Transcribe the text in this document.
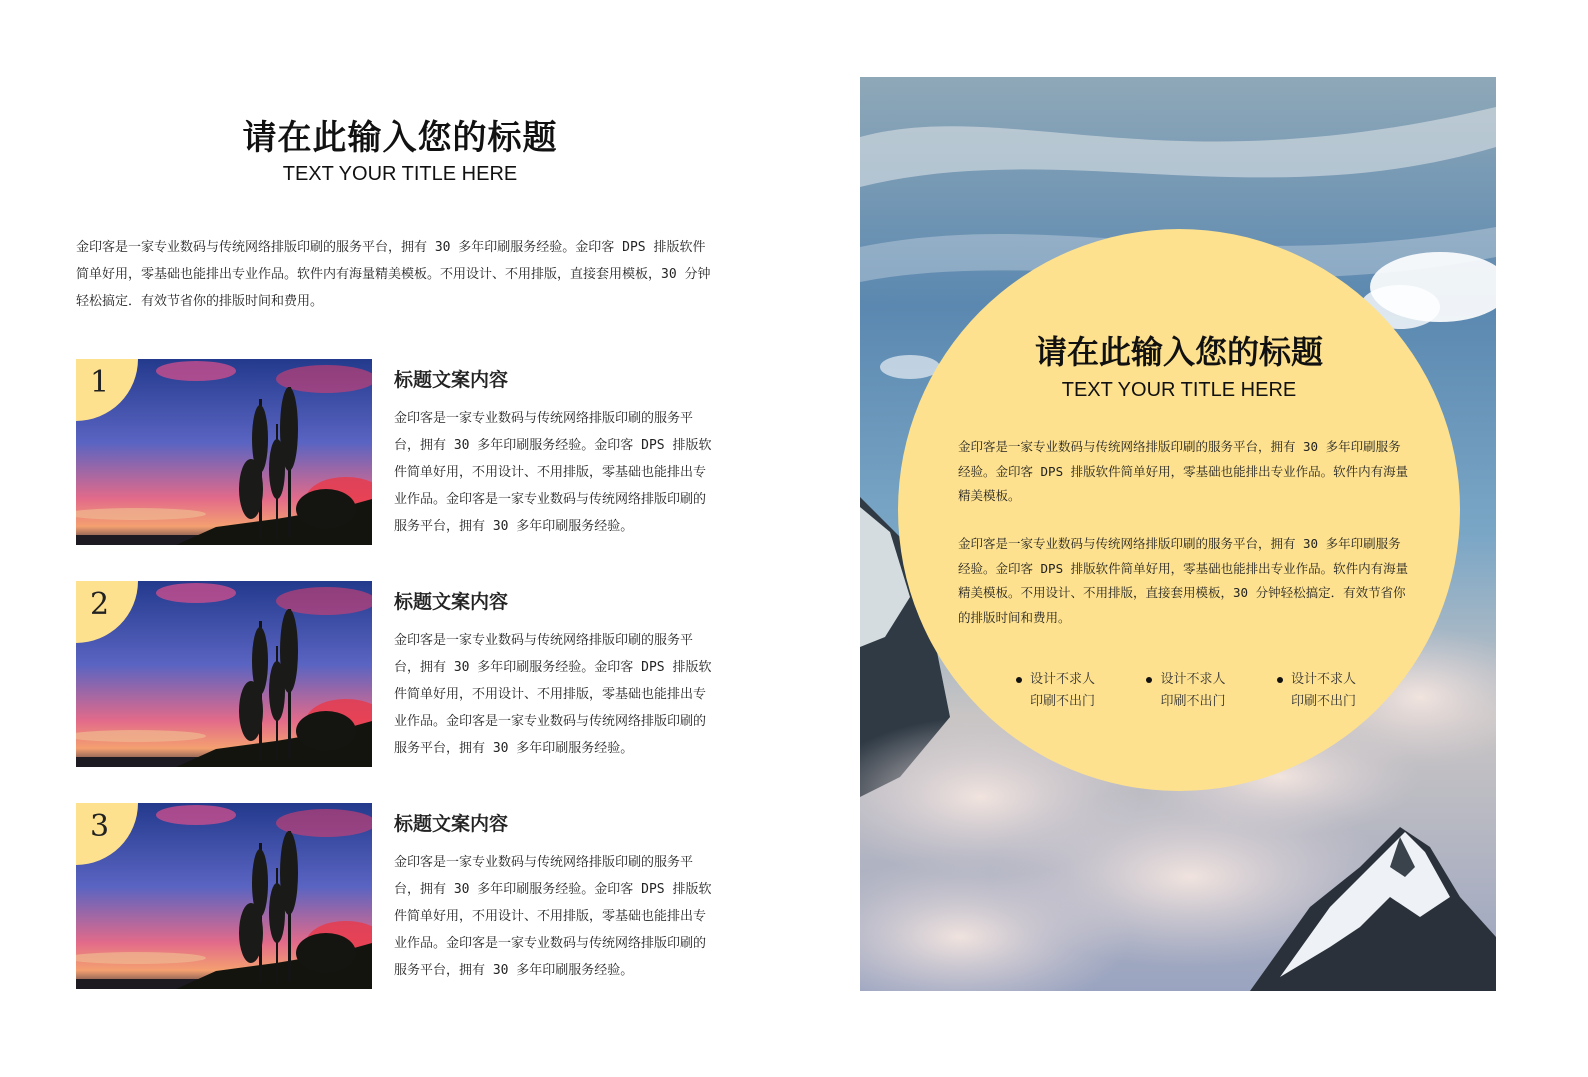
请在此输入您的标题
TEXT YOUR TITLE HERE
金印客是一家专业数码与传统网络排版印刷的服务平台，拥有 30 多年印刷服务经验。金印客 DPS 排版软件简单好用，零基础也能排出专业作品。软件内有海量精美模板。不用设计、不用排版，直接套用模板，30 分钟轻松搞定．有效节省你的排版时间和费用。
1	标题文案内容
金印客是一家专业数码与传统网络排版印刷的服务平台，拥有 30 多年印刷服务经验。金印客 DPS 排版软件简单好用，不用设计、不用排版，零基础也能排出专业作品。金印客是一家专业数码与传统网络排版印刷的服务平台，拥有 30 多年印刷服务经验。
2	标题文案内容
金印客是一家专业数码与传统网络排版印刷的服务平台，拥有 30 多年印刷服务经验。金印客 DPS 排版软件简单好用，不用设计、不用排版，零基础也能排出专业作品。金印客是一家专业数码与传统网络排版印刷的服务平台，拥有 30 多年印刷服务经验。
3	标题文案内容
金印客是一家专业数码与传统网络排版印刷的服务平台，拥有 30 多年印刷服务经验。金印客 DPS 排版软件简单好用，不用设计、不用排版，零基础也能排出专业作品。金印客是一家专业数码与传统网络排版印刷的服务平台，拥有 30 多年印刷服务经验。
请在此输入您的标题
TEXT YOUR TITLE HERE
金印客是一家专业数码与传统网络排版印刷的服务平台，拥有 30 多年印刷服务经验。金印客 DPS 排版软件简单好用，零基础也能排出专业作品。软件内有海量精美模板。
金印客是一家专业数码与传统网络排版印刷的服务平台，拥有 30 多年印刷服务经验。金印客 DPS 排版软件简单好用，零基础也能排出专业作品。软件内有海量精美模板。不用设计、不用排版，直接套用模板，30 分钟轻松搞定．有效节省你的排版时间和费用。
设计不求人
印刷不出门
设计不求人
印刷不出门
设计不求人
印刷不出门
